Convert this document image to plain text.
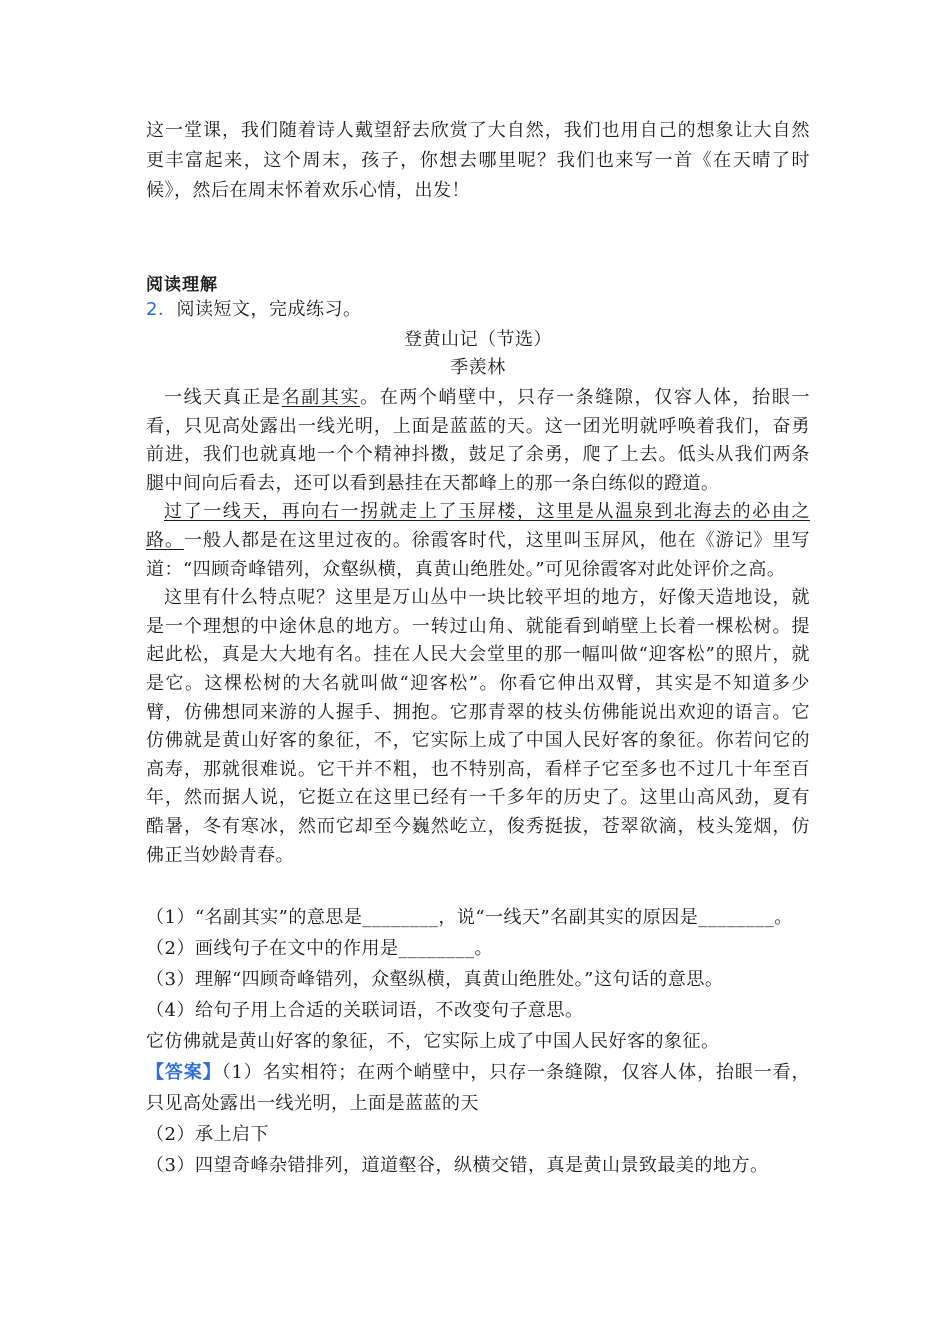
这一堂课，我们随着诗人戴望舒去欣赏了大自然，我们也用自己的想象让大自然更丰富起来，这个周末，孩子，你想去哪里呢？我们也来写一首《在天晴了时候》，然后在周末怀着欢乐心情，出发！

阅读理解

2．阅读短文，完成练习。

登黄山记（节选）

季羡林

一线天真正是名副其实。在两个峭壁中，只存一条缝隙，仅容人体，抬眼一看，只见高处露出一线光明，上面是蓝蓝的天。这一团光明就呼唤着我们，奋勇前进，我们也就真地一个个精神抖擞，鼓足了余勇，爬了上去。低头从我们两条腿中间向后看去，还可以看到悬挂在天都峰上的那一条白练似的蹬道。

过了一线天，再向右一拐就走上了玉屏楼，这里是从温泉到北海去的必由之路。一般人都是在这里过夜的。徐霞客时代，这里叫玉屏风，他在《游记》里写道：“四顾奇峰错列，众壑纵横，真黄山绝胜处。”可见徐霞客对此处评价之高。

这里有什么特点呢？这里是万山丛中一块比较平坦的地方，好像天造地设，就是一个理想的中途休息的地方。一转过山角、就能看到峭壁上长着一棵松树。提起此松，真是大大地有名。挂在人民大会堂里的那一幅叫做“迎客松”的照片，就是它。这棵松树的大名就叫做“迎客松”。你看它伸出双臂，其实是不知道多少臂，仿佛想同来游的人握手、拥抱。它那青翠的枝头仿佛能说出欢迎的语言。它仿佛就是黄山好客的象征，不，它实际上成了中国人民好客的象征。你若问它的高寿，那就很难说。它干并不粗，也不特别高，看样子它至多也不过几十年至百年，然而据人说，它挺立在这里已经有一千多年的历史了。这里山高风劲，夏有酷暑，冬有寒冰，然而它却至今巍然屹立，俊秀挺拔，苍翠欲滴，枝头笼烟，仿佛正当妙龄青春。

（1）“名副其实”的意思是________，说“一线天”名副其实的原因是________。

（2）画线句子在文中的作用是________。

（3）理解“四顾奇峰错列，众壑纵横，真黄山绝胜处。”这句话的意思。

（4）给句子用上合适的关联词语，不改变句子意思。

它仿佛就是黄山好客的象征，不，它实际上成了中国人民好客的象征。

【答案】（1）名实相符；在两个峭壁中，只存一条缝隙，仅容人体，抬眼一看，只见高处露出一线光明，上面是蓝蓝的天

（2）承上启下

（3）四望奇峰杂错排列，道道壑谷，纵横交错，真是黄山景致最美的地方。
